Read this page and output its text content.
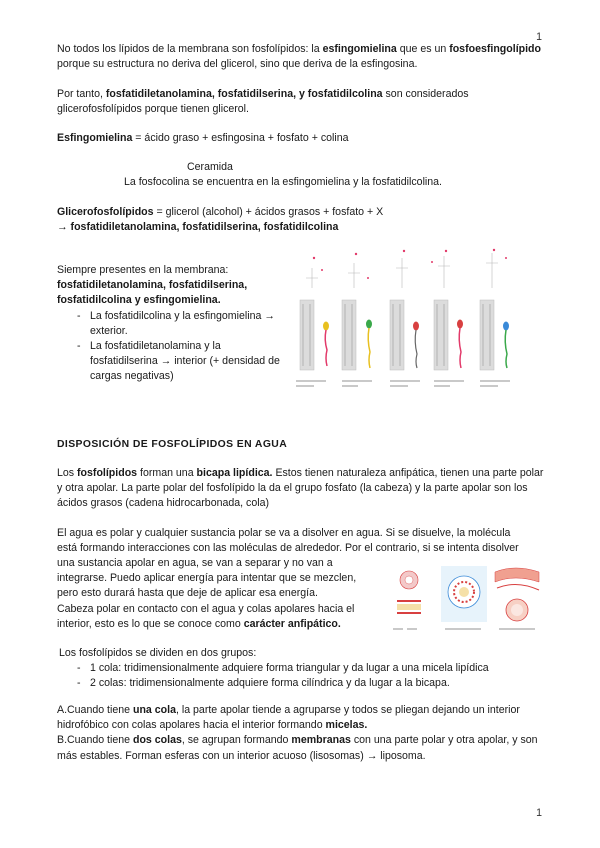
1

No todos los lípidos de la membrana son fosfolípidos: la esfingomielina que es un fosfoesfingolípido porque su estructura no deriva del glicerol, sino que deriva de la esfingosina.

Por tanto, fosfatidiletanolamina, fosfatidilserina, y fosfatidilcolina son considerados glicerofosfolípidos porque tienen glicerol.

Esfingomielina = ácido graso + esfingosina + fosfato + colina

Ceramida

La fosfocolina se encuentra en la esfingomielina y la fosfatidilcolina.

Glicerofosfolípidos = glicerol (alcohol) + ácidos grasos + fosfato + X
→ fosfatidiletanolamina, fosfatidilserina, fosfatidilcolina

Siempre presentes en la membrana:

fosfatidiletanolamina, fosfatidilserina,

fosfatidilcolina y esfingomielina.

- La fosfatidilcolina y la esfingomielina → exterior.
- La fosfatidiletanolamina y la fosfatidilserina → interior (+ densidad de cargas negativas)

DISPOSICIÓN DE FOSFOLÍPIDOS EN AGUA

Los fosfolípidos forman una bicapa lipídica. Estos tienen naturaleza anfipática, tienen una parte polar y otra apolar. La parte polar del fosfolípido la da el grupo fosfato (la cabeza) y la parte apolar son los ácidos grasos (cadena hidrocarbonada, cola)

El agua es polar y cualquier sustancia polar se va a disolver en agua. Si se disuelve, la molécula
está formando interacciones con las moléculas de alrededor. Por el contrario, si se intenta disolver

una sustancia apolar en agua, se van a separar y no van a integrarse. Puedo aplicar energía para intentar que se mezclen, pero esto durará hasta que deje de aplicar esa energía.

Cabeza polar en contacto con el agua y colas apolares hacia el interior, esto es lo que se conoce como carácter anfipático.

Los fosfolípidos se dividen en dos grupos:

- 1 cola: tridimensionalmente adquiere forma triangular y da lugar a una micela lipídica
- 2 colas: tridimensionalmente adquiere forma cilíndrica y da lugar a la bicapa.

A.Cuando tiene una cola, la parte apolar tiende a agruparse y todos se pliegan dejando un interior hidrofóbico con colas apolares hacia el interior formando micelas.

B.Cuando tiene dos colas, se agrupan formando membranas con una parte polar y otra apolar, y son más estables. Forman esferas con un interior acuoso (lisosomas) → liposoma.

1
